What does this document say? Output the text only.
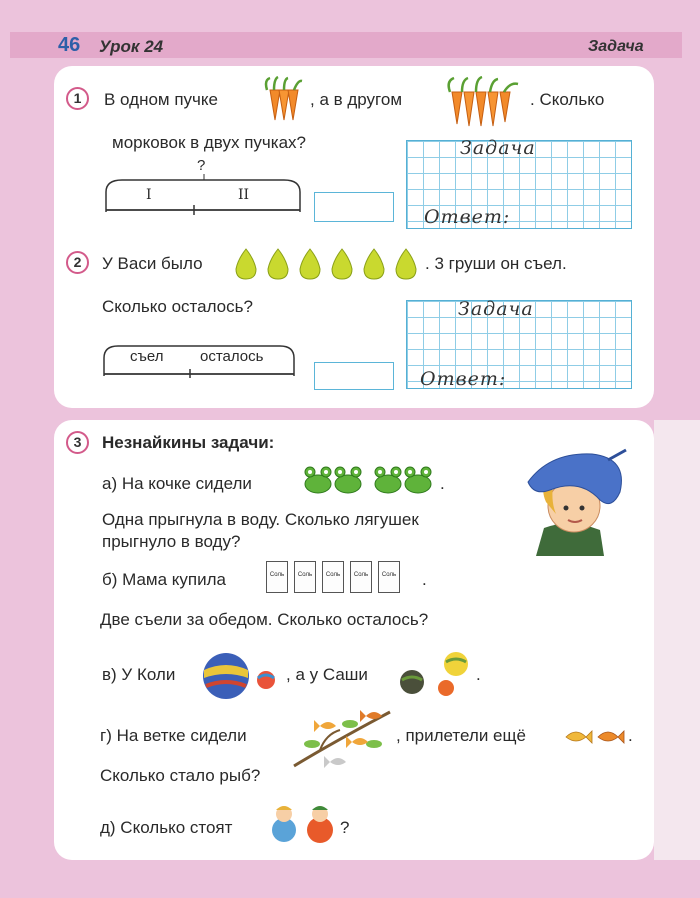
46 Урок 24	Задача
1	В одном пучке	, а в другом	. Сколько
морковок в двух пучках?
?
I	II
Задача
Ответ:
2	У Васи было	. 3 груши он съел.
Сколько осталось?
съел осталось
Задача
Ответ:
3	Незнайкины задачи:
а) На кочке сидели	.
Одна прыгнула в воду. Сколько лягушек
прыгнуло в воду?
б) Мама купила	Соль	Соль	Соль	Соль	Соль .
Две съели за обедом. Сколько осталось?
в) У Коли	, а у Саши	.
г) На ветке сидели	, прилетели ещё	.
Сколько стало рыб?
д) Сколько стоят	?
